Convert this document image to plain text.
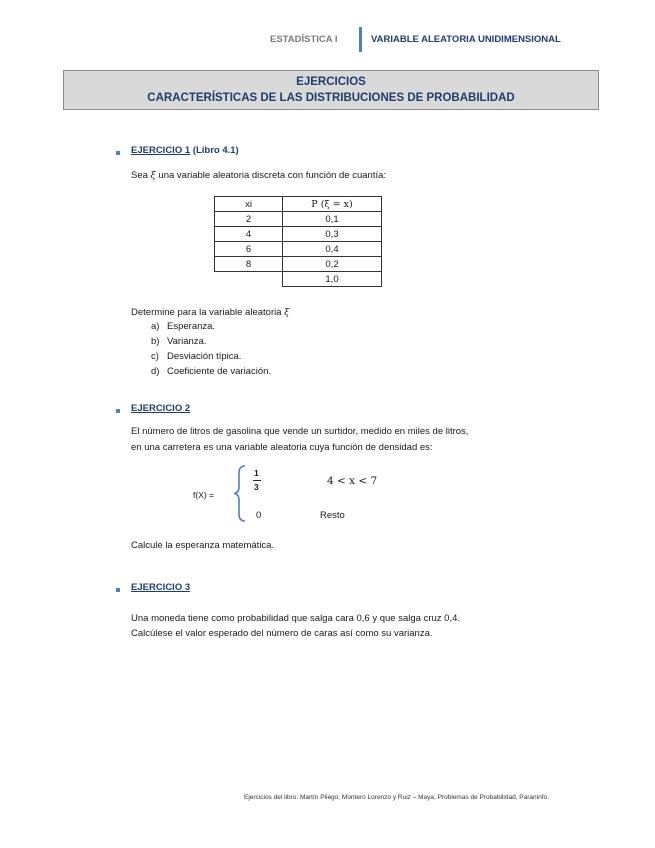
ESTADÍSTICA I	VARIABLE ALEATORIA UNIDIMENSIONAL
EJERCICIOS
CARACTERÍSTICAS DE LAS DISTRIBUCIONES DE PROBABILIDAD
EJERCICIO 1 (Libro 4.1)
Sea ξ una variable aleatoria discreta con función de cuantía:
xi	P (ξ = x)
2	0,1
4	0,3
6	0,4
8	0,2
	1,0
Determine para la variable aleatoria ξ
a) Esperanza.
b) Varianza.
c) Desviación típica.
d) Coeficiente de variación.
EJERCICIO 2
El número de litros de gasolina que vende un surtidor, medido en miles de litros,
en una carretera es una variable aleatoria cuya función de densidad es:
f(X) =
1
3	4 < x < 7
0	Resto
Calcule la esperanza matemática.
EJERCICIO 3
Una moneda tiene como probabilidad que salga cara 0,6 y que salga cruz 0,4.
Calcúlese el valor esperado del número de caras así como su varianza.
Ejercicios del libro: Martín Pliego, Montero Lorenzo y Ruiz – Maya, Problemas de Probabilidad, Paraninfo.
